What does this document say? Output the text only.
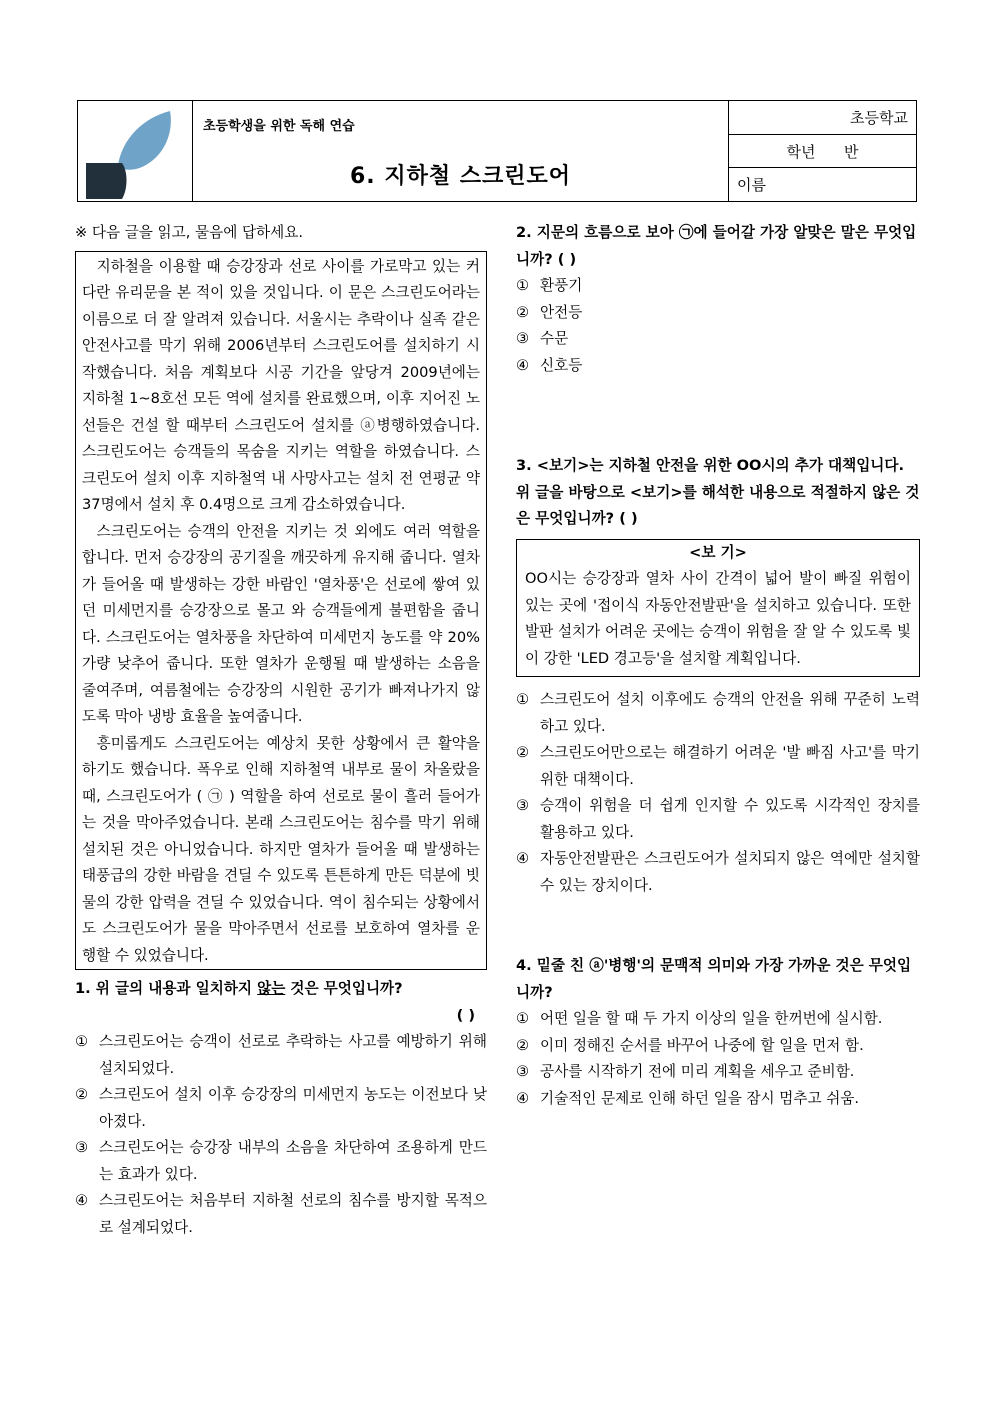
초등학생을 위한 독해 연습
6. 지하철 스크린도어
초등학교
학년      반
이름
※ 다음 글을 읽고, 물음에 답하세요.

지하철을 이용할 때 승강장과 선로 사이를 가로막고 있는 커다란 유리문을 본 적이 있을 것입니다. 이 문은 스크린도어라는 이름으로 더 잘 알려져 있습니다. 서울시는 추락이나 실족 같은 안전사고를 막기 위해 2006년부터 스크린도어를 설치하기 시작했습니다. 처음 계획보다 시공 기간을 앞당겨 2009년에는 지하철 1~8호선 모든 역에 설치를 완료했으며, 이후 지어진 노선들은 건설 할 때부터 스크린도어 설치를 ⓐ병행하였습니다. 스크린도어는 승객들의 목숨을 지키는 역할을 하였습니다. 스크린도어 설치 이후 지하철역 내 사망사고는 설치 전 연평균 약 37명에서 설치 후 0.4명으로 크게 감소하였습니다.

스크린도어는 승객의 안전을 지키는 것 외에도 여러 역할을 합니다. 먼저 승강장의 공기질을 깨끗하게 유지해 줍니다. 열차가 들어올 때 발생하는 강한 바람인 '열차풍'은 선로에 쌓여 있던 미세먼지를 승강장으로 몰고 와 승객들에게 불편함을 줍니다. 스크린도어는 열차풍을 차단하여 미세먼지 농도를 약 20%가량 낮추어 줍니다. 또한 열차가 운행될 때 발생하는 소음을 줄여주며, 여름철에는 승강장의 시원한 공기가 빠져나가지 않도록 막아 냉방 효율을 높여줍니다.

흥미롭게도 스크린도어는 예상치 못한 상황에서 큰 활약을 하기도 했습니다. 폭우로 인해 지하철역 내부로 물이 차올랐을 때, 스크린도어가 ( ㉠ ) 역할을 하여 선로로 물이 흘러 들어가는 것을 막아주었습니다. 본래 스크린도어는 침수를 막기 위해 설치된 것은 아니었습니다. 하지만 열차가 들어올 때 발생하는 태풍급의 강한 바람을 견딜 수 있도록 튼튼하게 만든 덕분에 빗물의 강한 압력을 견딜 수 있었습니다. 역이 침수되는 상황에서도 스크린도어가 물을 막아주면서 선로를 보호하여 열차를 운행할 수 있었습니다.

1. 위 글의 내용과 일치하지 않는 것은 무엇입니까?
( )
① 스크린도어는 승객이 선로로 추락하는 사고를 예방하기 위해 설치되었다.
② 스크린도어 설치 이후 승강장의 미세먼지 농도는 이전보다 낮아졌다.
③ 스크린도어는 승강장 내부의 소음을 차단하여 조용하게 만드는 효과가 있다.
④ 스크린도어는 처음부터 지하철 선로의 침수를 방지할 목적으로 설계되었다.
2. 지문의 흐름으로 보아 ㉠에 들어갈 가장 알맞은 말은 무엇입니까? ( )
① 환풍기
② 안전등
③ 수문
④ 신호등
3. <보기>는 지하철 안전을 위한 OO시의 추가 대책입니다. 위 글을 바탕으로 <보기>를 해석한 내용으로 적절하지 않은 것은 무엇입니까? ( )
<보 기>
OO시는 승강장과 열차 사이 간격이 넓어 발이 빠질 위험이 있는 곳에 '접이식 자동안전발판'을 설치하고 있습니다. 또한 발판 설치가 어려운 곳에는 승객이 위험을 잘 알 수 있도록 빛이 강한 'LED 경고등'을 설치할 계획입니다.
① 스크린도어 설치 이후에도 승객의 안전을 위해 꾸준히 노력하고 있다.
② 스크린도어만으로는 해결하기 어려운 '발 빠짐 사고'를 막기 위한 대책이다.
③ 승객이 위험을 더 쉽게 인지할 수 있도록 시각적인 장치를 활용하고 있다.
④ 자동안전발판은 스크린도어가 설치되지 않은 역에만 설치할 수 있는 장치이다.
4. 밑줄 친 ⓐ'병행'의 문맥적 의미와 가장 가까운 것은 무엇입니까?
① 어떤 일을 할 때 두 가지 이상의 일을 한꺼번에 실시함.
② 이미 정해진 순서를 바꾸어 나중에 할 일을 먼저 함.
③ 공사를 시작하기 전에 미리 계획을 세우고 준비함.
④ 기술적인 문제로 인해 하던 일을 잠시 멈추고 쉬움.
